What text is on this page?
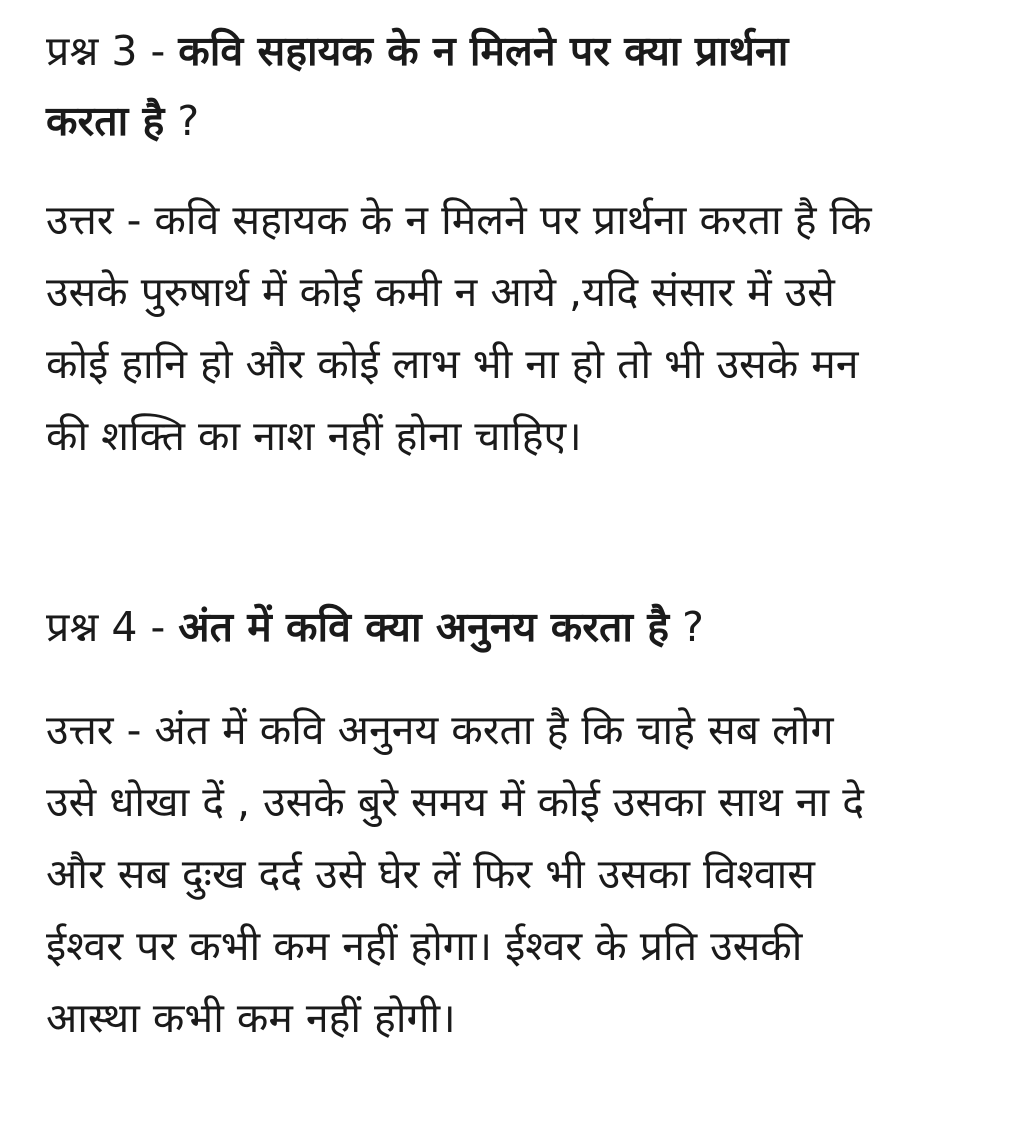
प्रश्न 3 - कवि सहायक के न मिलने पर क्या प्रार्थना
करता है ?

उत्तर - कवि सहायक के न मिलने पर प्रार्थना करता है कि
उसके पुरुषार्थ में कोई कमी न आये ,यदि संसार में उसे
कोई हानि हो और कोई लाभ भी ना हो तो भी उसके मन
की शक्ति का नाश नहीं होना चाहिए।

प्रश्न 4 - अंत में कवि क्या अनुनय करता है ?

उत्तर - अंत में कवि अनुनय करता है कि चाहे सब लोग
उसे धोखा दें , उसके बुरे समय में कोई उसका साथ ना दे
और सब दुःख दर्द उसे घेर लें फिर भी उसका विश्वास
ईश्वर पर कभी कम नहीं होगा। ईश्वर के प्रति उसकी
आस्था कभी कम नहीं होगी।
